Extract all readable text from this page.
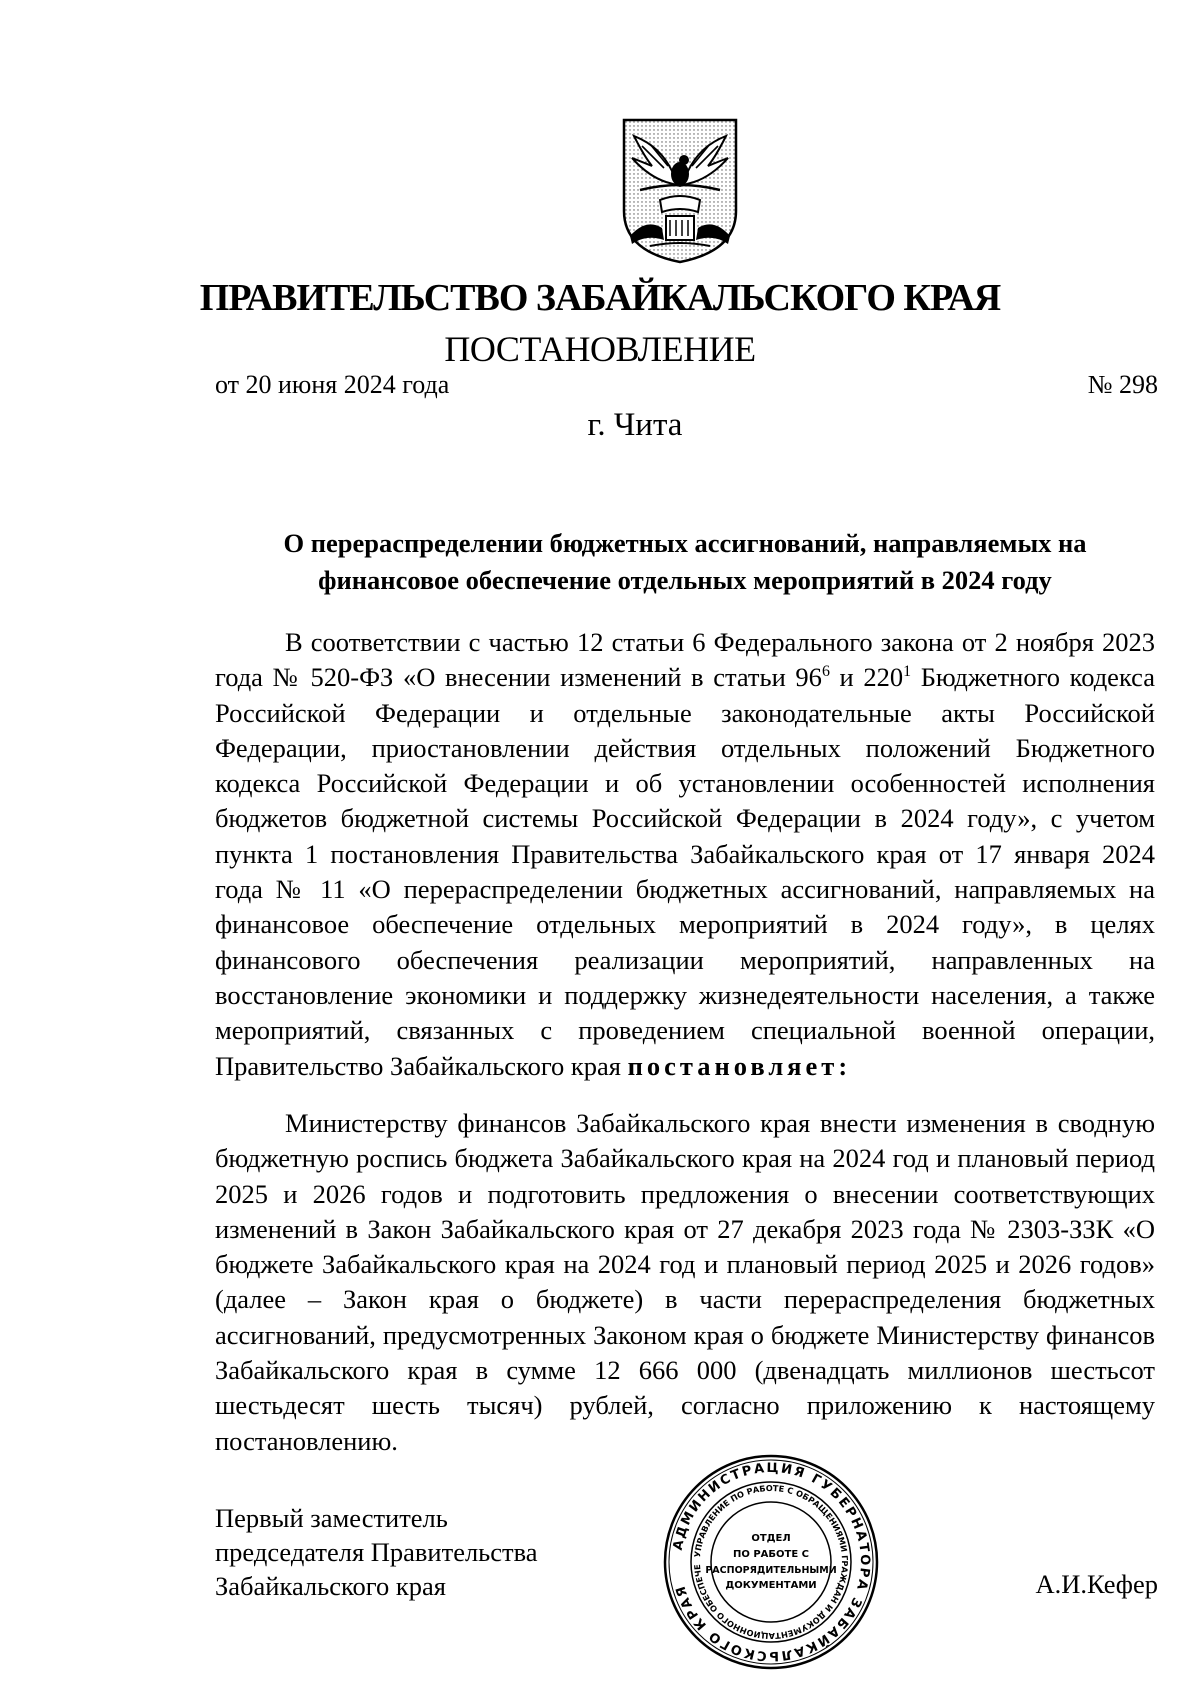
ПРАВИТЕЛЬСТВО ЗАБАЙКАЛЬСКОГО КРАЯ
ПОСТАНОВЛЕНИЕ
от 20 июня 2024 года	№ 298
г. Чита
О перераспределении бюджетных ассигнований, направляемых на
финансовое обеспечение отдельных мероприятий в 2024 году

В соответствии с частью 12 статьи 6 Федерального закона от 2 ноября 2023 года № 520-ФЗ «О внесении изменений в статьи $96^6$ и $220^1$ Бюджетного кодекса Российской Федерации и отдельные законодательные акты Российской Федерации, приостановлении действия отдельных положений Бюджетного кодекса Российской Федерации и об установлении особенностей исполнения бюджетов бюджетной системы Российской Федерации в 2024 году», с учетом пункта 1 постановления Правительства Забайкальского края от 17 января 2024 года № 11 «О перераспределении бюджетных ассигнований, направляемых на финансовое обеспечение отдельных мероприятий в 2024 году», в целях финансового обеспечения реализации мероприятий, направленных на восстановление экономики и поддержку жизнедеятельности населения, а также мероприятий, связанных с проведением специальной военной операции, Правительство Забайкальского края постановляет:

Министерству финансов Забайкальского края внести изменения в сводную бюджетную роспись бюджета Забайкальского края на 2024 год и плановый период 2025 и 2026 годов и подготовить предложения о внесении соответствующих изменений в Закон Забайкальского края от 27 декабря 2023 года № 2303-ЗЗК «О бюджете Забайкальского края на 2024 год и плановый период 2025 и 2026 годов» (далее – Закон края о бюджете) в части перераспределения бюджетных ассигнований, предусмотренных Законом края о бюджете Министерству финансов Забайкальского края в сумме 12 666 000 (двенадцать миллионов шестьсот шестьдесят шесть тысяч) рублей, согласно приложению к настоящему постановлению.

Первый заместитель
председателя Правительства
Забайкальского края	А.И.Кефер
АДМИНИСТРАЦИЯ ГУБЕРНАТОРА ЗАБАЙКАЛЬСКОГО КРАЯ
УПРАВЛЕНИЕ ПО РАБОТЕ С ОБРАЩЕНИЯМИ ГРАЖДАН И ДОКУМЕНТАЦИОННОГО ОБЕСПЕЧЕ
ОТДЕЛ
ПО РАБОТЕ С
РАСПОРЯДИТЕЛЬНЫМИ
ДОКУМЕНТАМИ
